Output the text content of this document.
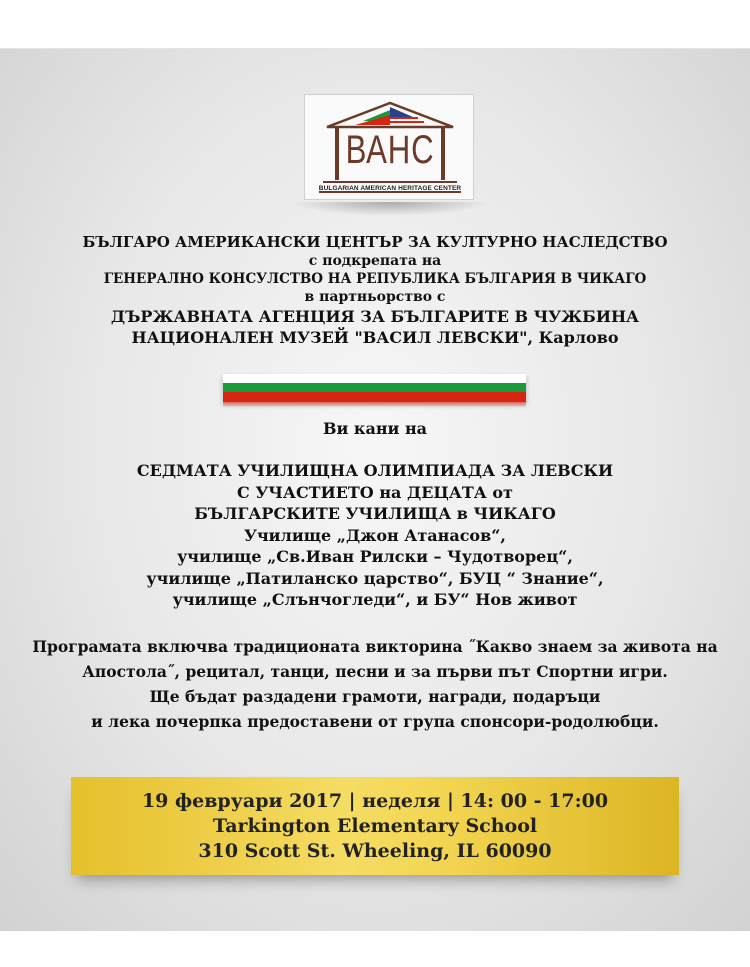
ВАНС
BULGARIAN AMERICAN HERITAGE CENTER
БЪЛГАРО АМЕРИКАНСКИ ЦЕНТЪР ЗА КУЛТУРНО НАСЛЕДСТВО
с подкрепата на
ГЕНЕРАЛНО КОНСУЛСТВО НА РЕПУБЛИКА БЪЛГАРИЯ В ЧИКАГО
в партньорство с
ДЪРЖАВНАТА АГЕНЦИЯ ЗА БЪЛГАРИТЕ В ЧУЖБИНА
НАЦИОНАЛЕН МУЗЕЙ "ВАСИЛ ЛЕВСКИ", Карлово
Ви кани на
СЕДМАТА УЧИЛИЩНА ОЛИМПИАДА ЗА ЛЕВСКИ
С УЧАСТИЕТО на ДЕЦАТА от
БЪЛГАРСКИТЕ УЧИЛИЩА в ЧИКАГО
Училище „Джон Атанасов“,
училище „Св.Иван Рилски – Чудотворец“,
училище „Патиланско царство“, БУЦ “ Знание“,
училище „Слънчогледи“, и БУ“ Нов живот
Програмата включва традиционата викторина ˝Какво знаем за живота на
Апостола˝, рецитал, танци, песни и за първи път Спортни игри.
Ще бъдат раздадени грамоти, награди, подаръци
и лека почерпка предоставени от група спонсори-родолюбци.
19 февруари 2017 | неделя | 14: 00 - 17:00
Tarkington Elementary School
310 Scott St. Wheeling, IL 60090
